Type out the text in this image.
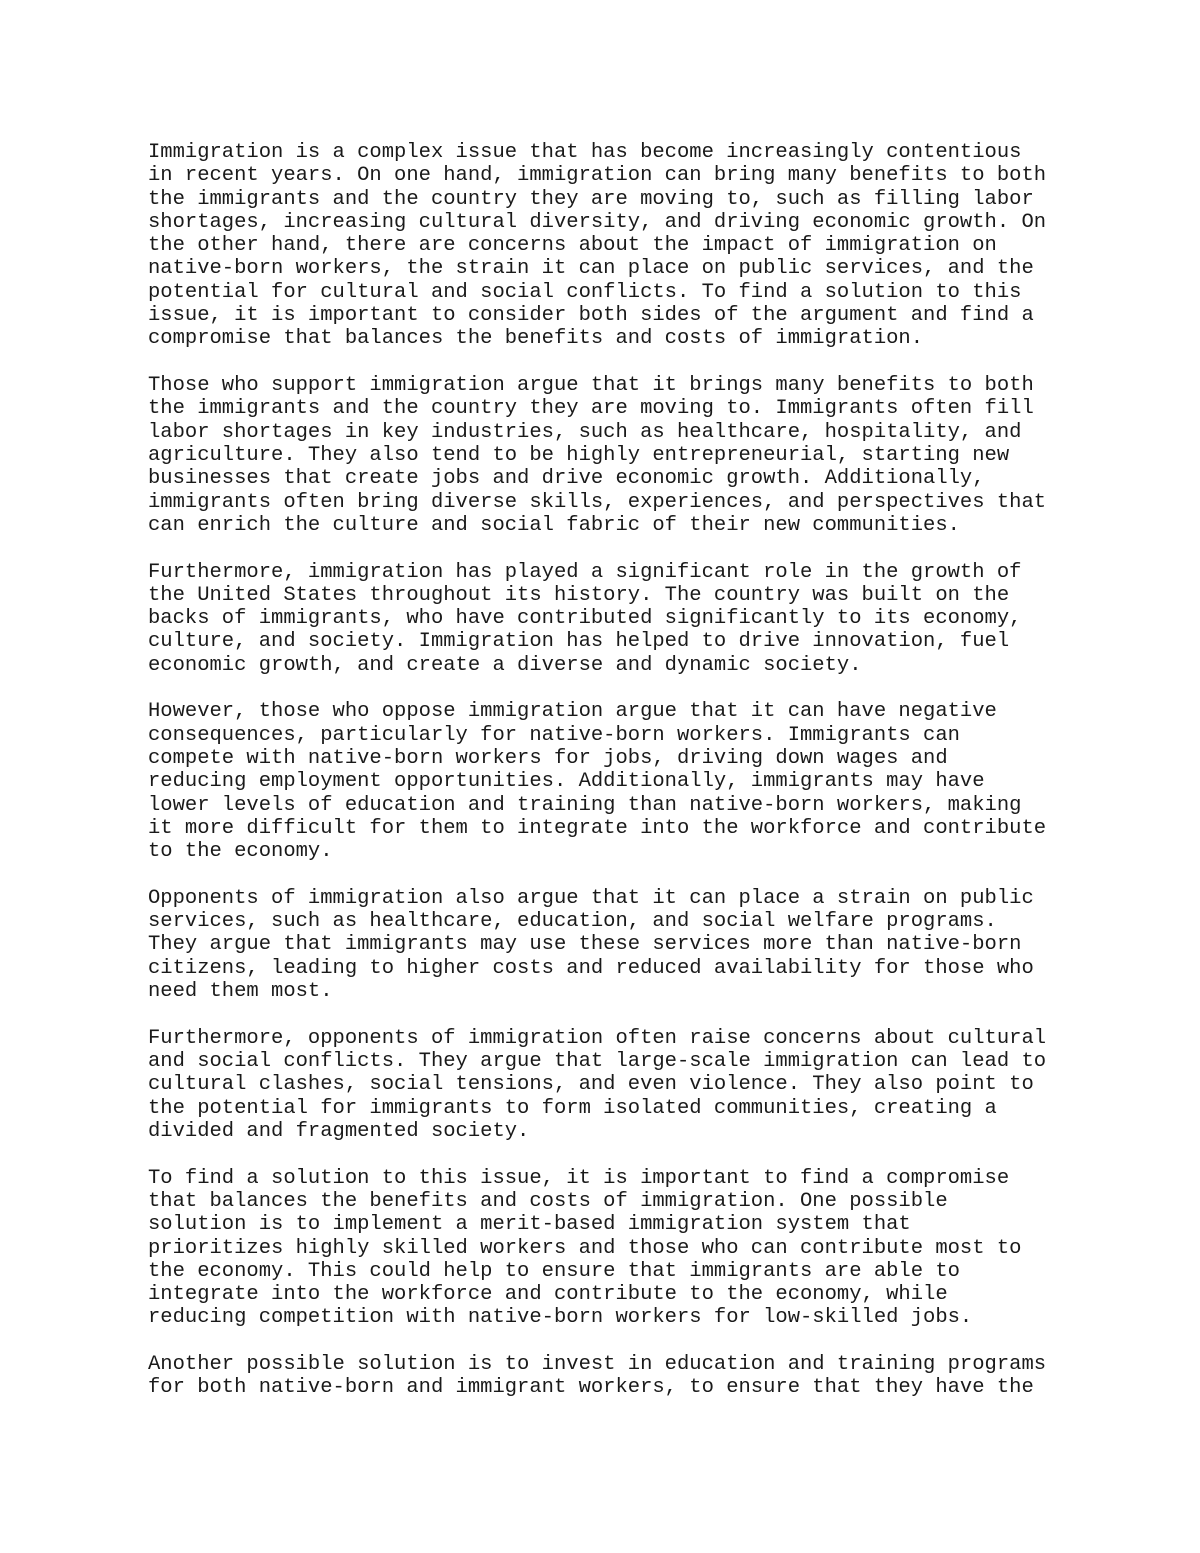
Immigration is a complex issue that has become increasingly contentious
in recent years. On one hand, immigration can bring many benefits to both
the immigrants and the country they are moving to, such as filling labor
shortages, increasing cultural diversity, and driving economic growth. On
the other hand, there are concerns about the impact of immigration on
native-born workers, the strain it can place on public services, and the
potential for cultural and social conflicts. To find a solution to this
issue, it is important to consider both sides of the argument and find a
compromise that balances the benefits and costs of immigration.

Those who support immigration argue that it brings many benefits to both
the immigrants and the country they are moving to. Immigrants often fill
labor shortages in key industries, such as healthcare, hospitality, and
agriculture. They also tend to be highly entrepreneurial, starting new
businesses that create jobs and drive economic growth. Additionally,
immigrants often bring diverse skills, experiences, and perspectives that
can enrich the culture and social fabric of their new communities.

Furthermore, immigration has played a significant role in the growth of
the United States throughout its history. The country was built on the
backs of immigrants, who have contributed significantly to its economy,
culture, and society. Immigration has helped to drive innovation, fuel
economic growth, and create a diverse and dynamic society.

However, those who oppose immigration argue that it can have negative
consequences, particularly for native-born workers. Immigrants can
compete with native-born workers for jobs, driving down wages and
reducing employment opportunities. Additionally, immigrants may have
lower levels of education and training than native-born workers, making
it more difficult for them to integrate into the workforce and contribute
to the economy.

Opponents of immigration also argue that it can place a strain on public
services, such as healthcare, education, and social welfare programs.
They argue that immigrants may use these services more than native-born
citizens, leading to higher costs and reduced availability for those who
need them most.

Furthermore, opponents of immigration often raise concerns about cultural
and social conflicts. They argue that large-scale immigration can lead to
cultural clashes, social tensions, and even violence. They also point to
the potential for immigrants to form isolated communities, creating a
divided and fragmented society.

To find a solution to this issue, it is important to find a compromise
that balances the benefits and costs of immigration. One possible
solution is to implement a merit-based immigration system that
prioritizes highly skilled workers and those who can contribute most to
the economy. This could help to ensure that immigrants are able to
integrate into the workforce and contribute to the economy, while
reducing competition with native-born workers for low-skilled jobs.

Another possible solution is to invest in education and training programs
for both native-born and immigrant workers, to ensure that they have the
